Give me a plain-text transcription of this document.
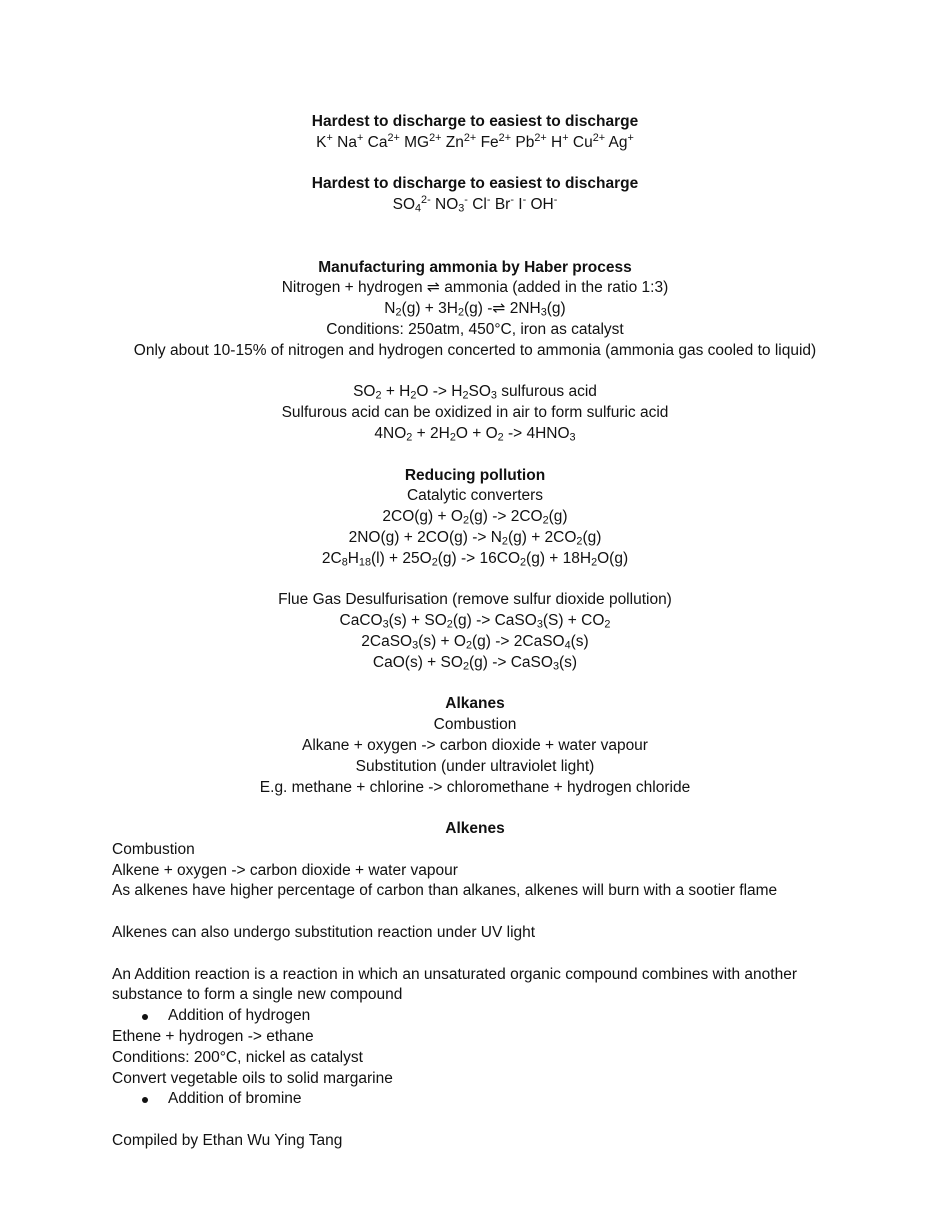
Hardest to discharge to easiest to discharge
K+ Na+ $Ca^{2+}$ $MG^{2+}$ $Zn^{2+}$ $Fe^{2+}$ $Pb^{2+}$ H+ $Cu^{2+}$ Ag+
Hardest to discharge to easiest to discharge
$SO_4^{2-}$ $NO_3^-$ Cl- Br- I- OH-
Manufacturing ammonia by Haber process
Nitrogen + hydrogen ⇌ ammonia (added in the ratio 1:3)
$N_2(g) + 3H_2(g)$ -⇌ $2NH_3(g)$
Conditions: 250atm, 450°C, iron as catalyst
Only about 10-15% of nitrogen and hydrogen concerted to ammonia (ammonia gas cooled to liquid)
$SO_2 + H_2O -> H_2SO_3$ sulfurous acid
Sulfurous acid can be oxidized in air to form sulfuric acid
$4NO_2 + 2H_2O + O_2 -> 4HNO_3$
Reducing pollution
Catalytic converters
$2CO(g) + O_2(g) -> 2CO_2(g)$
$2NO(g) + 2CO(g) -> N_2(g) + 2CO_2(g)$
$2C_8H_{18}(l) + 25O_2(g) -> 16CO_2(g) + 18H_2O(g)$
Flue Gas Desulfurisation (remove sulfur dioxide pollution)
CaCO$_3$(s) + $SO_2(g)$ -> CaSO$_3$(S) + $CO_2$
2CaSO$_3$(s) + $O_2(g)$ -> 2CaSO$_4$(s)
$CaO(s) + SO_2(g)$ -> CaSO$_3$(s)
Alkanes
Combustion
Alkane + oxygen -> carbon dioxide + water vapour
Substitution (under ultraviolet light)
E.g. methane + chlorine -> chloromethane + hydrogen chloride
Alkenes
Combustion
Alkene + oxygen -> carbon dioxide + water vapour
As alkenes have higher percentage of carbon than alkanes, alkenes will burn with a sootier flame
Alkenes can also undergo substitution reaction under UV light
An Addition reaction is a reaction in which an unsaturated organic compound combines with another
substance to form a single new compound
Addition of hydrogen
Ethene + hydrogen -> ethane
Conditions: 200°C, nickel as catalyst
Convert vegetable oils to solid margarine
Addition of bromine
Compiled by Ethan Wu Ying Tang
